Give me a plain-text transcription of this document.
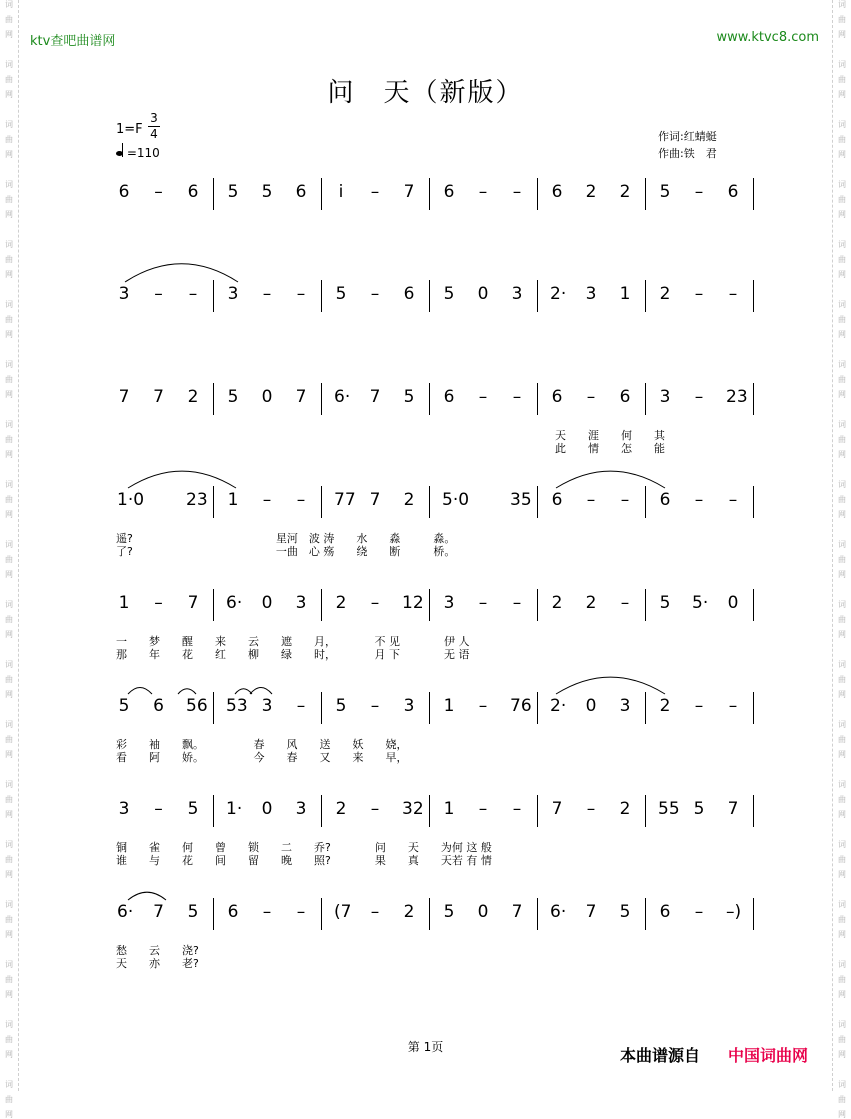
词
曲
网
词
曲
网
词
曲
网
词
曲
网
词
曲
网
词
曲
网
词
曲
网
词
曲
网
词
曲
网
词
曲
网
词
曲
网
词
曲
网
词
曲
网
词
曲
网
词
曲
网
词
曲
网
词
曲
网
词
曲
网
词
曲
网
词
曲
网
词
曲
网
词
曲
网
词
曲
网
词
曲
网
词
曲
网
词
曲
网
词
曲
网
词
曲
网
词
曲
网
词
曲
网
词
曲
网
词
曲
网
词
曲
网
词
曲
网
词
曲
网
词
曲
网
词
曲
网
词
曲
网
ktv查吧曲谱网	www.ktvc8.com
问　天（新版）
1=F
3
4
=110
作词:红蜻蜓
作曲:铁　君
6 – 6 5 5 6 i – 7 6 – – 6 2 2 5 – 6
3 – – 3 – – 5 – 6 5 0 3 2· 3 1 2 – –
7 7 2 5 0 7 6· 7 5 6 – – 6 – 6 3 – 23
天　　涯　　何　　其
此　　情　　怎　　能
1·0 23 1 – – 77 7 2 5·0 35 6 – – 6 – –
遥?　　　　　　　　　　　　　星河　波 涛　　水　　淼　　　淼。
了?　　　　　　　　　　　　　一曲　心 殇　　绕　　断　　　桥。
1 – 7 6· 0 3 2 – 12 3 – – 2 2 – 5 5· 0
一　　梦　　醒　　来　　云　　遮　　月，　　　　不 见　　　　伊 人
那　　年　　花　　红　　柳　　绿　　时，　　　　月 下　　　　无 语
5 6 56 53 3 – 5 – 3 1 – 76 2· 0 3 2 – –
彩　　袖　　飘。　　　　　春　　风　　送　　妖　　娆，
看　　阿　　娇。　　　　　今　　春　　又　　来　　早，
3 – 5 1· 0 3 2 – 32 1 – – 7 – 2 55 5 7
铜　　雀　　何　　曾　　锁　　二　　乔?　　　　问　　天　　为何 这 般
谁　　与　　花　　间　　留　　晚　　照?　　　　果　　真　　天若 有 情
6· 7 5 6 – – (7 – 2 5 0 7 6· 7 5 6 – –)
愁　　云　　浇?
天　　亦　　老?
第 1页	本曲谱源自 中国词曲网
